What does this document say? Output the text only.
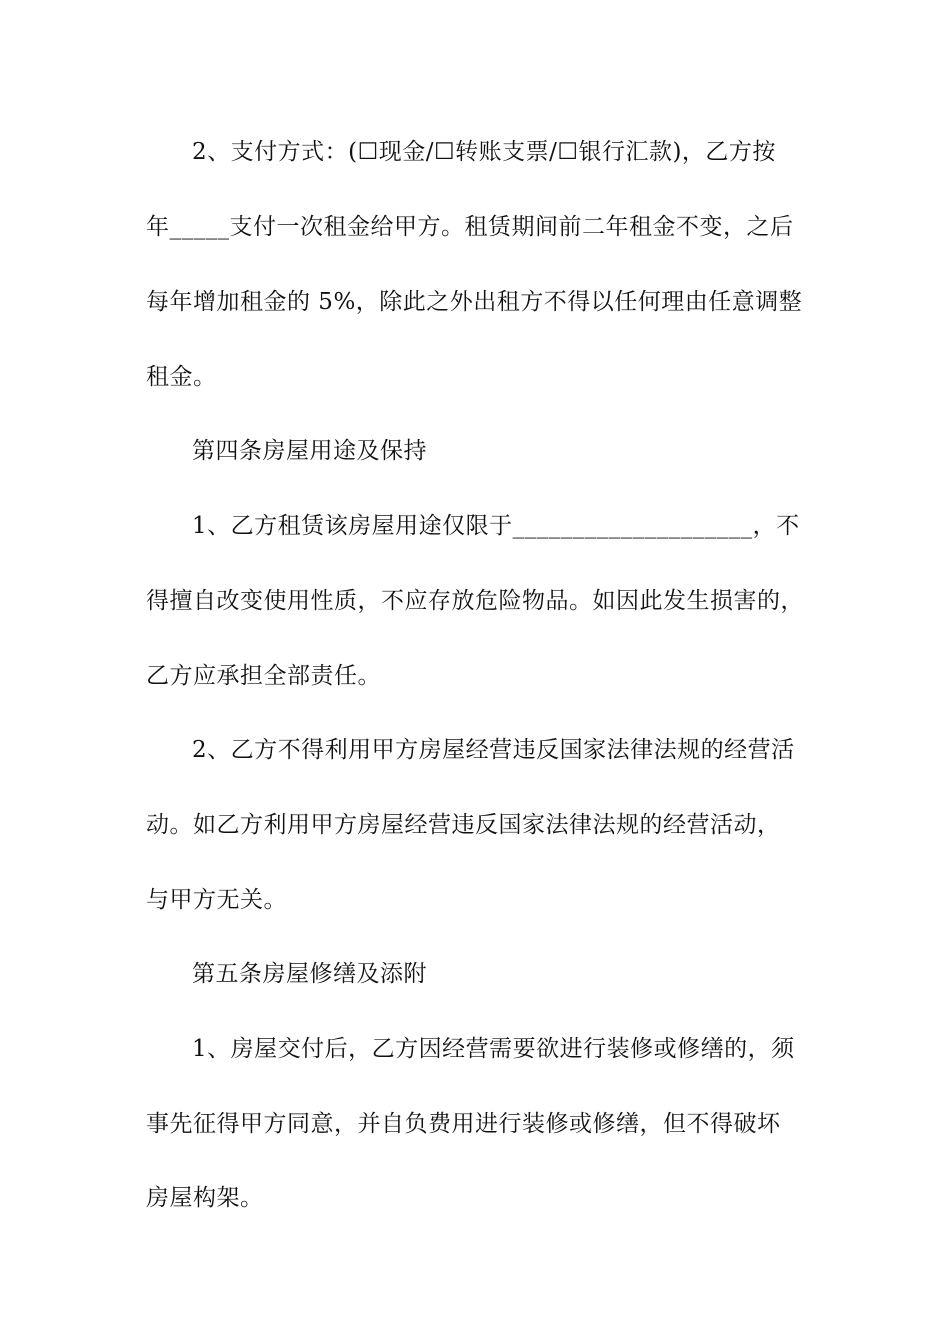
2、支付方式：(☐现金/☐转账支票/☐银行汇款)，乙方按
年_____支付一次租金给甲方。租赁期间前二年租金不变，之后
每年增加租金的 5%，除此之外出租方不得以任何理由任意调整
租金。
第四条房屋用途及保持
1、乙方租赁该房屋用途仅限于____________________，不
得擅自改变使用性质，不应存放危险物品。如因此发生损害的，
乙方应承担全部责任。
2、乙方不得利用甲方房屋经营违反国家法律法规的经营活
动。如乙方利用甲方房屋经营违反国家法律法规的经营活动，
与甲方无关。
第五条房屋修缮及添附
1、房屋交付后，乙方因经营需要欲进行装修或修缮的，须
事先征得甲方同意，并自负费用进行装修或修缮，但不得破坏
房屋构架。
